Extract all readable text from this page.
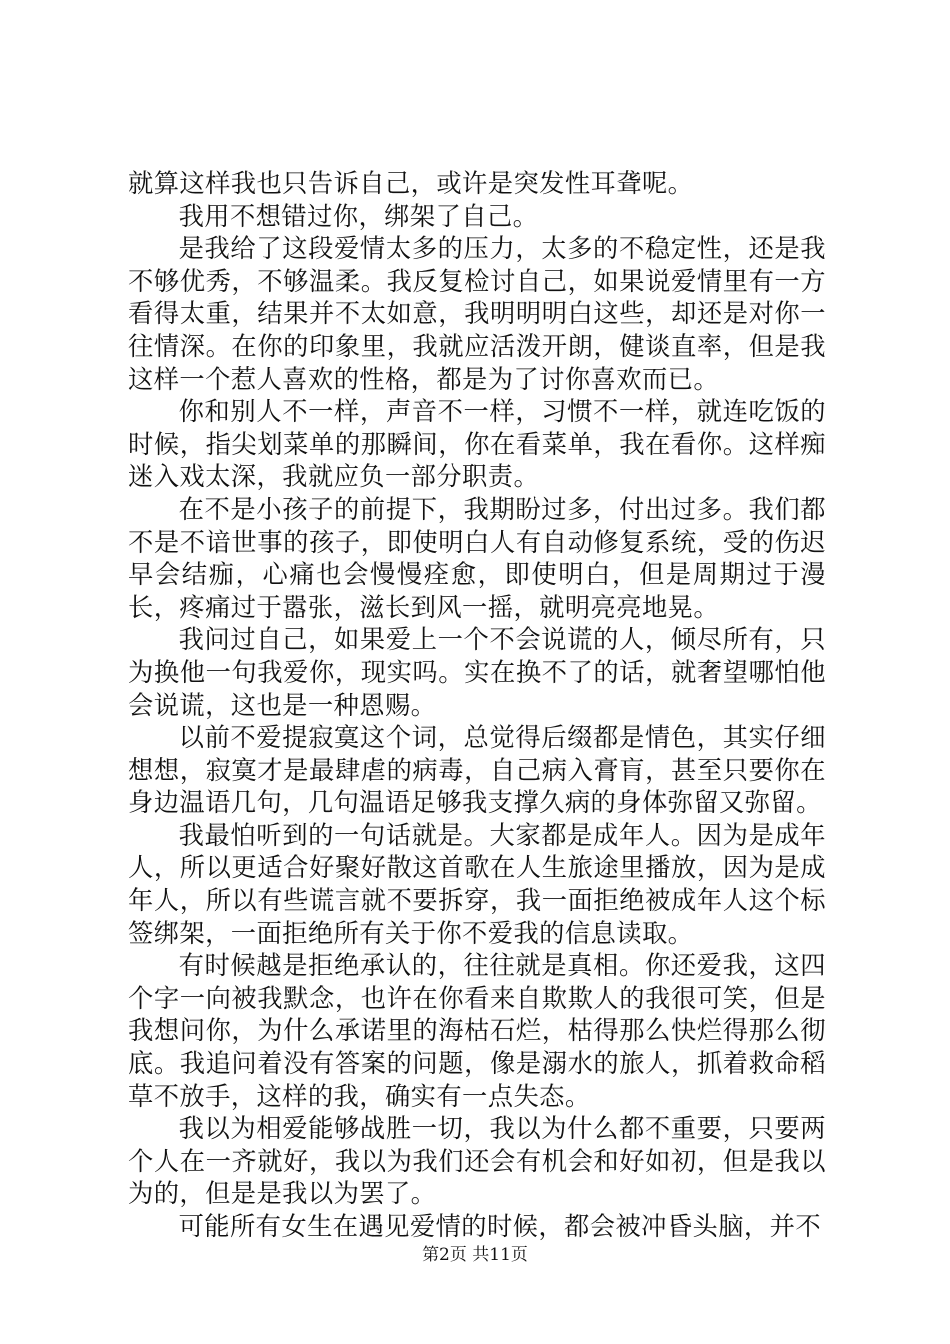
就算这样我也只告诉自己，或许是突发性耳聋呢。

我用不想错过你，绑架了自己。

是我给了这段爱情太多的压力，太多的不稳定性，还是我不够优秀，不够温柔。我反复检讨自己，如果说爱情里有一方看得太重，结果并不太如意，我明明明白这些，却还是对你一往情深。在你的印象里，我就应活泼开朗，健谈直率，但是我这样一个惹人喜欢的性格，都是为了讨你喜欢而已。

你和别人不一样，声音不一样，习惯不一样，就连吃饭的时候，指尖划菜单的那瞬间，你在看菜单，我在看你。这样痴迷入戏太深，我就应负一部分职责。

在不是小孩子的前提下，我期盼过多，付出过多。我们都不是不谙世事的孩子，即使明白人有自动修复系统，受的伤迟早会结痂，心痛也会慢慢痊愈，即使明白，但是周期过于漫长，疼痛过于嚣张，滋长到风一摇，就明亮亮地晃。

我问过自己，如果爱上一个不会说谎的人，倾尽所有，只为换他一句我爱你，现实吗。实在换不了的话，就奢望哪怕他会说谎，这也是一种恩赐。

以前不爱提寂寞这个词，总觉得后缀都是情色，其实仔细想想，寂寞才是最肆虐的病毒，自己病入膏肓，甚至只要你在身边温语几句，几句温语足够我支撑久病的身体弥留又弥留。

我最怕听到的一句话就是。大家都是成年人。因为是成年人，所以更适合好聚好散这首歌在人生旅途里播放，因为是成年人，所以有些谎言就不要拆穿，我一面拒绝被成年人这个标签绑架，一面拒绝所有关于你不爱我的信息读取。

有时候越是拒绝承认的，往往就是真相。你还爱我，这四个字一向被我默念，也许在你看来自欺欺人的我很可笑，但是我想问你，为什么承诺里的海枯石烂，枯得那么快烂得那么彻底。我追问着没有答案的问题，像是溺水的旅人，抓着救命稻草不放手，这样的我，确实有一点失态。

我以为相爱能够战胜一切，我以为什么都不重要，只要两个人在一齐就好，我以为我们还会有机会和好如初，但是我以为的，但是是我以为罢了。

可能所有女生在遇见爱情的时候，都会被冲昏头脑，并不

第2页 共11页
